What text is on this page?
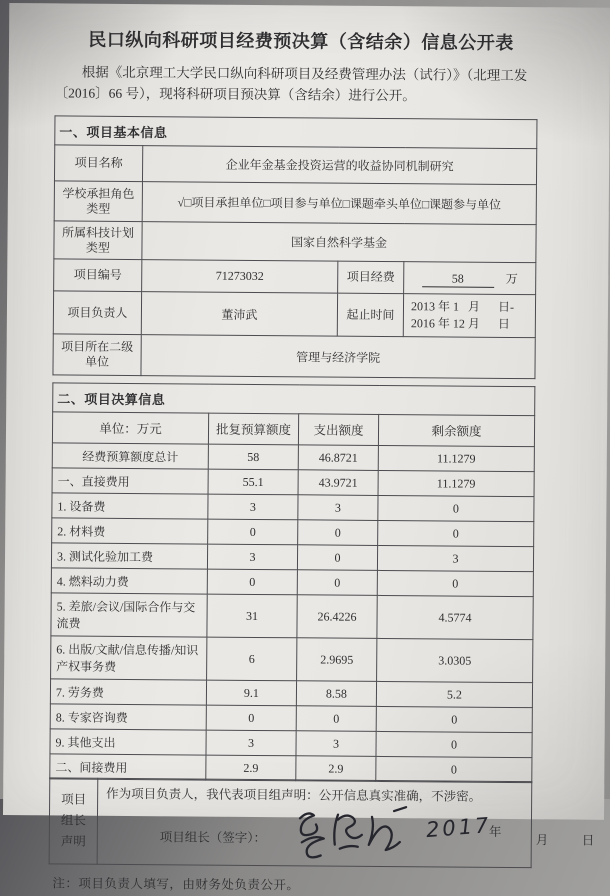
民口纵向科研项目经费预决算（含结余）信息公开表

根据《北京理工大学民口纵向科研项目及经费管理办法（试行）》（北理工发
〔2016〕66 号），现将科研项目预决算（含结余）进行公开。

一、项目基本信息			
项目名称	企业年金基金投资运营的收益协同机制研究		
学校承担角色
类型	√□项目承担单位□项目参与单位□课题牵头单位□课题参与单位		
所属科技计划
类型	国家自然科学基金		
项目编号	71273032	项目经费	58 万
项目负责人	董沛武	起止时间	2013 年 1   月      日-
2016 年 12 月      日

项目所在二级
单位	管理与经济学院		
二、项目决算信息			
单位：万元	批复预算额度	支出额度	剩余额度
经费预算额度总计	58	46.8721	11.1279
一、直接费用	55.1	43.9721	11.1279
1. 设备费	3	3	0
2. 材料费	0	0	0
3. 测试化验加工费	3	0	3
4. 燃料动力费	0	0	0
5. 差旅/会议/国际合作与交流费	31	26.4226	4.5774
6. 出版/文献/信息传播/知识产权事务费	6	2.9695	3.0305
7. 劳务费	9.1	8.58	5.2
8. 专家咨询费	0	0	0
9. 其他支出	3	3	0
二、间接费用	2.9	2.9	0
项目
组长
声明

作为项目负责人，我代表项目组声明：公开信息真实准确，不涉密。
项目组长（签字）：	2017
年
月	日

注：项目负责人填写，由财务处负责公开。
